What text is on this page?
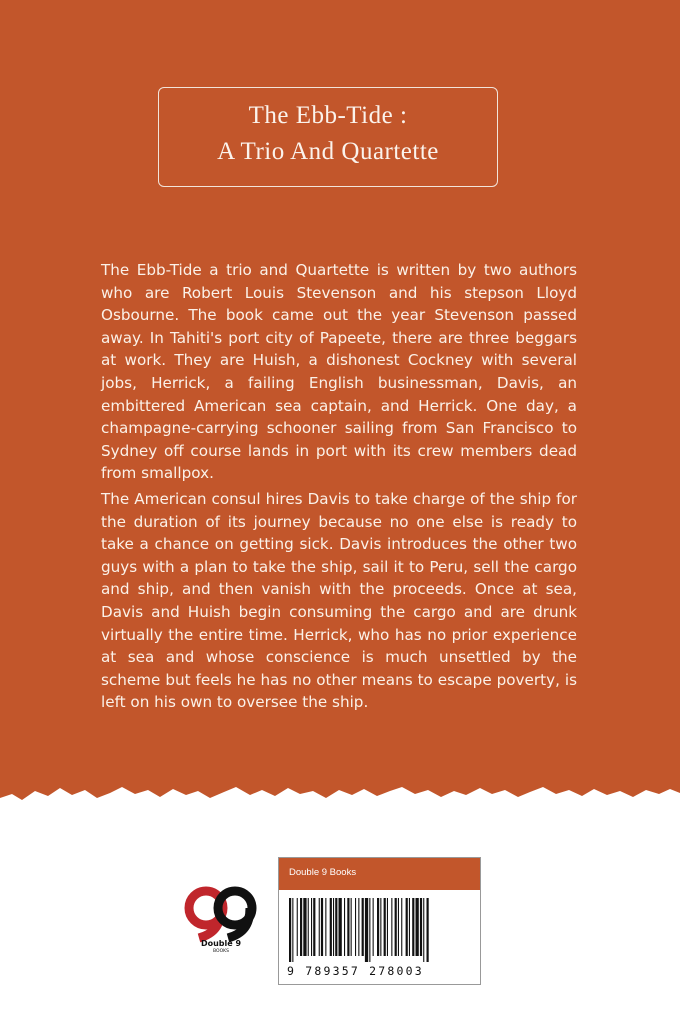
The Ebb-Tide :
A Trio And Quartette

The Ebb-Tide a trio and Quartette is written by two authors who are Robert Louis Stevenson and his stepson Lloyd Osbourne. The book came out the year Stevenson passed away. In Tahiti's port city of Papeete, there are three beggars at work. They are Huish, a dishonest Cockney with several jobs, Herrick, a failing English businessman, Davis, an embittered American sea captain, and Herrick. One day, a champagne-carrying schooner sailing from San Francisco to Sydney off course lands in port with its crew members dead from smallpox.

The American consul hires Davis to take charge of the ship for the duration of its journey because no one else is ready to take a chance on getting sick. Davis introduces the other two guys with a plan to take the ship, sail it to Peru, sell the cargo and ship, and then vanish with the proceeds. Once at sea, Davis and Huish begin consuming the cargo and are drunk virtually the entire time. Herrick, who has no prior experience at sea and whose conscience is much unsettled by the scheme but feels he has no other means to escape poverty, is left on his own to oversee the ship.

Double 9
BOOKS
Double 9 Books
9 789357 278003
